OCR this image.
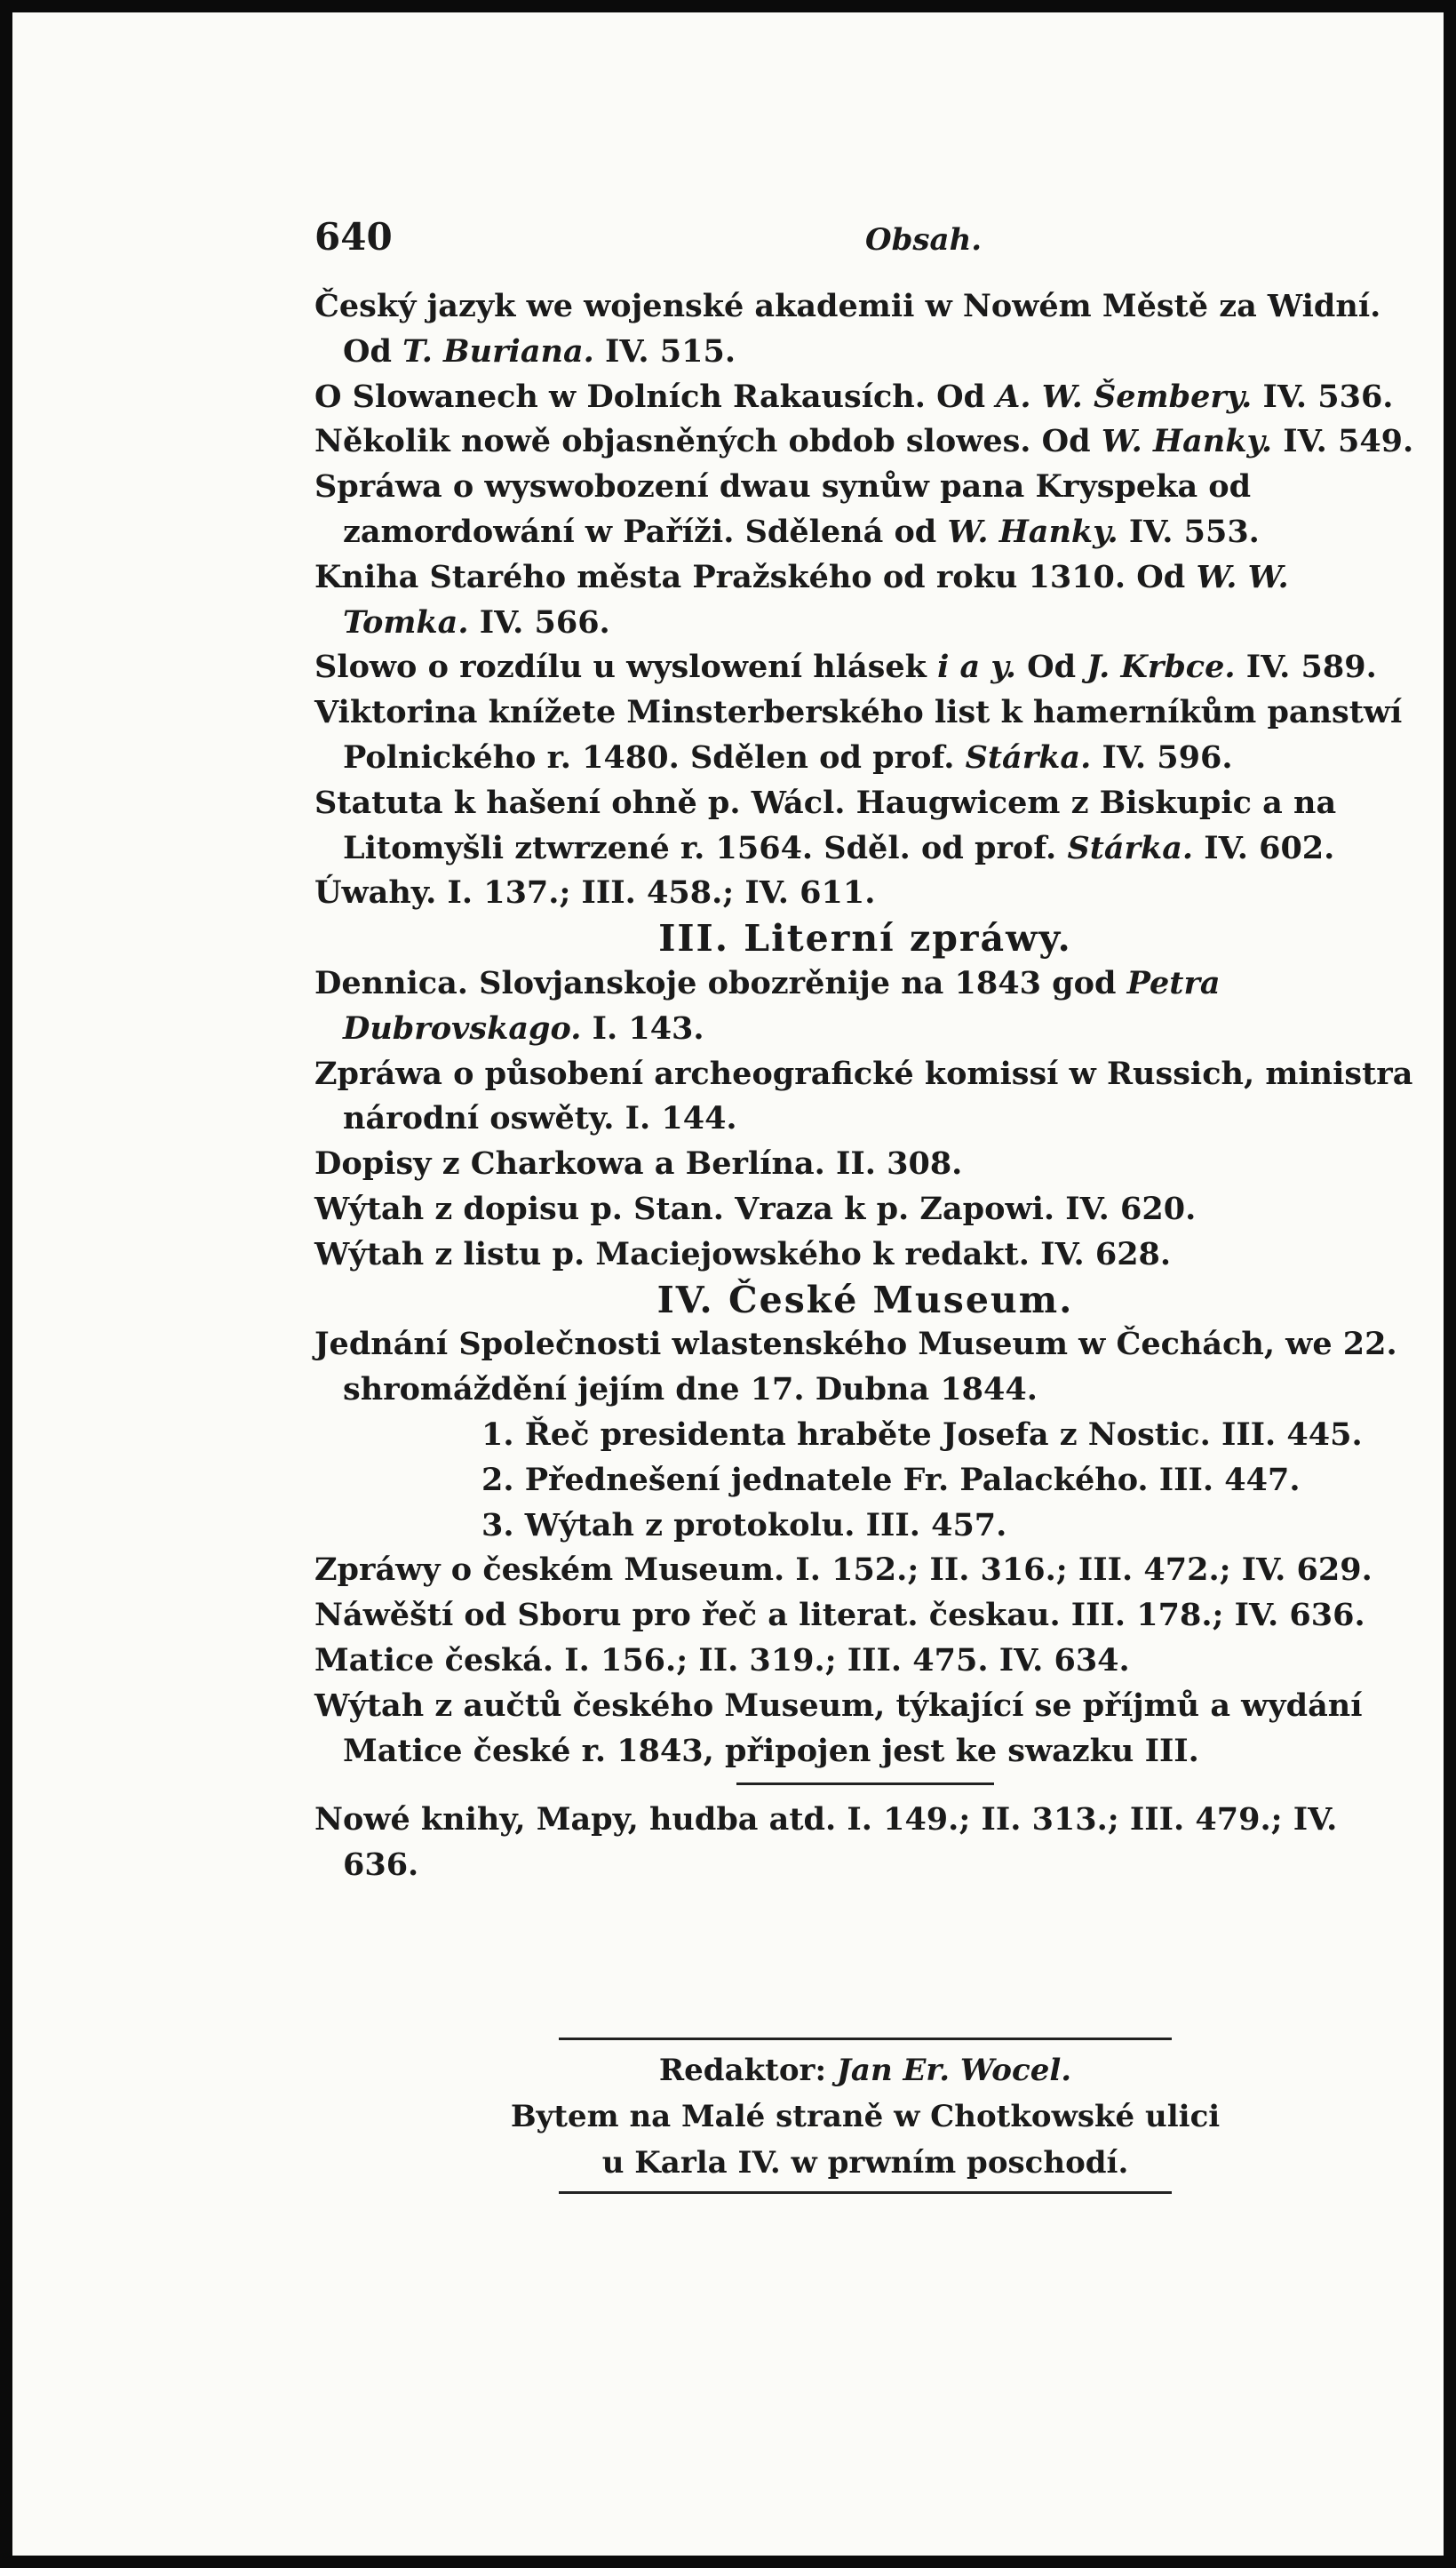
640	Obsah.
Český jazyk we wojenské akademii w Nowém Městě za Widní. Od T. Buriana. IV. 515.
O Slowanech w Dolních Rakausích. Od A. W. Šembery. IV. 536.
Několik nowě objasněných obdob slowes. Od W. Hanky. IV. 549.
Spráwa o wyswobození dwau synůw pana Kryspeka od zamordowání w Paříži. Sdělená od W. Hanky. IV. 553.
Kniha Starého města Pražského od roku 1310. Od W. W. Tomka. IV. 566.
Slowo o rozdílu u wyslowení hlásek i a y. Od J. Krbce. IV. 589.
Viktorina knížete Minsterberského list k hamerníkům panstwí Polnického r. 1480. Sdělen od prof. Stárka. IV. 596.
Statuta k hašení ohně p. Wácl. Haugwicem z Biskupic a na Litomyšli ztwrzené r. 1564. Sděl. od prof. Stárka. IV. 602.
Úwahy. I. 137.; III. 458.; IV. 611.
III. Literní zpráwy.
Dennica. Slovjanskoje obozrěnije na 1843 god Petra Dubrovskago. I. 143.
Zpráwa o působení archeografické komissí w Russich, ministra národní oswěty. I. 144.
Dopisy z Charkowa a Berlína. II. 308.
Wýtah z dopisu p. Stan. Vraza k p. Zapowi. IV. 620.
Wýtah z listu p. Maciejowského k redakt. IV. 628.
IV. České Museum.
Jednání Společnosti wlastenského Museum w Čechách, we 22. shromáždění jejím dne 17. Dubna 1844.
1. Řeč presidenta hraběte Josefa z Nostic. III. 445.
2. Přednešení jednatele Fr. Palackého. III. 447.
3. Wýtah z protokolu. III. 457.
Zpráwy o českém Museum. I. 152.; II. 316.; III. 472.; IV. 629.
Náwěští od Sboru pro řeč a literat. českau. III. 178.; IV. 636.
Matice česká. I. 156.; II. 319.; III. 475. IV. 634.
Wýtah z aučtů českého Museum, týkající se příjmů a wydání Matice české r. 1843, připojen jest ke swazku III.
Nowé knihy, Mapy, hudba atd. I. 149.; II. 313.; III. 479.; IV. 636.
Redaktor: Jan Er. Wocel.
Bytem na Malé straně w Chotkowské ulici
u Karla IV. w prwním poschodí.
